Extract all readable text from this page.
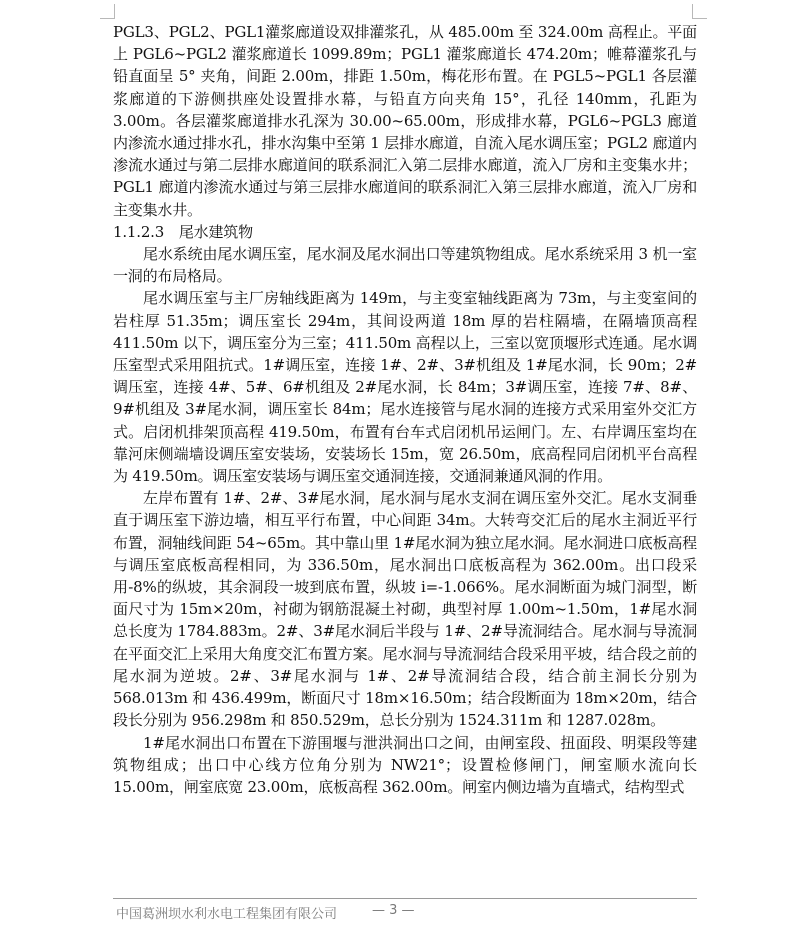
PGL3、PGL2、PGL1灌浆廊道设双排灌浆孔，从 485.00m 至 324.00m 高程止。平面上 PGL6~PGL2 灌浆廊道长 1099.89m；PGL1 灌浆廊道长 474.20m；帷幕灌浆孔与铅直面呈 5° 夹角，间距 2.00m，排距 1.50m，梅花形布置。在 PGL5~PGL1 各层灌浆廊道的下游侧拱座处设置排水幕，与铅直方向夹角 15°，孔径 140mm，孔距为 3.00m。各层灌浆廊道排水孔深为 30.00~65.00m，形成排水幕，PGL6~PGL3 廊道内渗流水通过排水孔，排水沟集中至第 1 层排水廊道，自流入尾水调压室；PGL2 廊道内渗流水通过与第二层排水廊道间的联系洞汇入第二层排水廊道，流入厂房和主变集水井；PGL1 廊道内渗流水通过与第三层排水廊道间的联系洞汇入第三层排水廊道，流入厂房和主变集水井。

1.1.2.3　尾水建筑物

尾水系统由尾水调压室，尾水洞及尾水洞出口等建筑物组成。尾水系统采用 3 机一室一洞的布局格局。

尾水调压室与主厂房轴线距离为 149m，与主变室轴线距离为 73m，与主变室间的岩柱厚 51.35m；调压室长 294m，其间设两道 18m 厚的岩柱隔墙，在隔墙顶高程 411.50m 以下，调压室分为三室；411.50m 高程以上，三室以宽顶堰形式连通。尾水调压室型式采用阻抗式。1#调压室，连接 1#、2#、3#机组及 1#尾水洞，长 90m；2#调压室，连接 4#、5#、6#机组及 2#尾水洞，长 84m；3#调压室，连接 7#、8#、9#机组及 3#尾水洞，调压室长 84m；尾水连接管与尾水洞的连接方式采用室外交汇方式。启闭机排架顶高程 419.50m，布置有台车式启闭机吊运闸门。左、右岸调压室均在靠河床侧端墙设调压室安装场，安装场长 15m，宽 26.50m，底高程同启闭机平台高程为 419.50m。调压室安装场与调压室交通洞连接，交通洞兼通风洞的作用。

左岸布置有 1#、2#、3#尾水洞，尾水洞与尾水支洞在调压室外交汇。尾水支洞垂直于调压室下游边墙，相互平行布置，中心间距 34m。大转弯交汇后的尾水主洞近平行布置，洞轴线间距 54~65m。其中靠山里 1#尾水洞为独立尾水洞。尾水洞进口底板高程与调压室底板高程相同，为 336.50m，尾水洞出口底板高程为 362.00m。出口段采用-8%的纵坡，其余洞段一坡到底布置，纵坡 i=-1.066%。尾水洞断面为城门洞型，断面尺寸为 15m×20m，衬砌为钢筋混凝土衬砌，典型衬厚 1.00m~1.50m，1#尾水洞总长度为 1784.883m。2#、3#尾水洞后半段与 1#、2#导流洞结合。尾水洞与导流洞在平面交汇上采用大角度交汇布置方案。尾水洞与导流洞结合段采用平坡，结合段之前的尾水洞为逆坡。2#、3#尾水洞与 1#、2#导流洞结合段，结合前主洞长分别为 568.013m 和 436.499m，断面尺寸 18m×16.50m；结合段断面为 18m×20m，结合段长分别为 956.298m 和 850.529m，总长分别为 1524.311m 和 1287.028m。

1#尾水洞出口布置在下游围堰与泄洪洞出口之间，由闸室段、扭面段、明渠段等建筑物组成；出口中心线方位角分别为 NW21°；设置检修闸门，闸室顺水流向长 15.00m，闸室底宽 23.00m，底板高程 362.00m。闸室内侧边墙为直墙式，结构型式

中国葛洲坝水利水电工程集团有限公司	— 3 —
